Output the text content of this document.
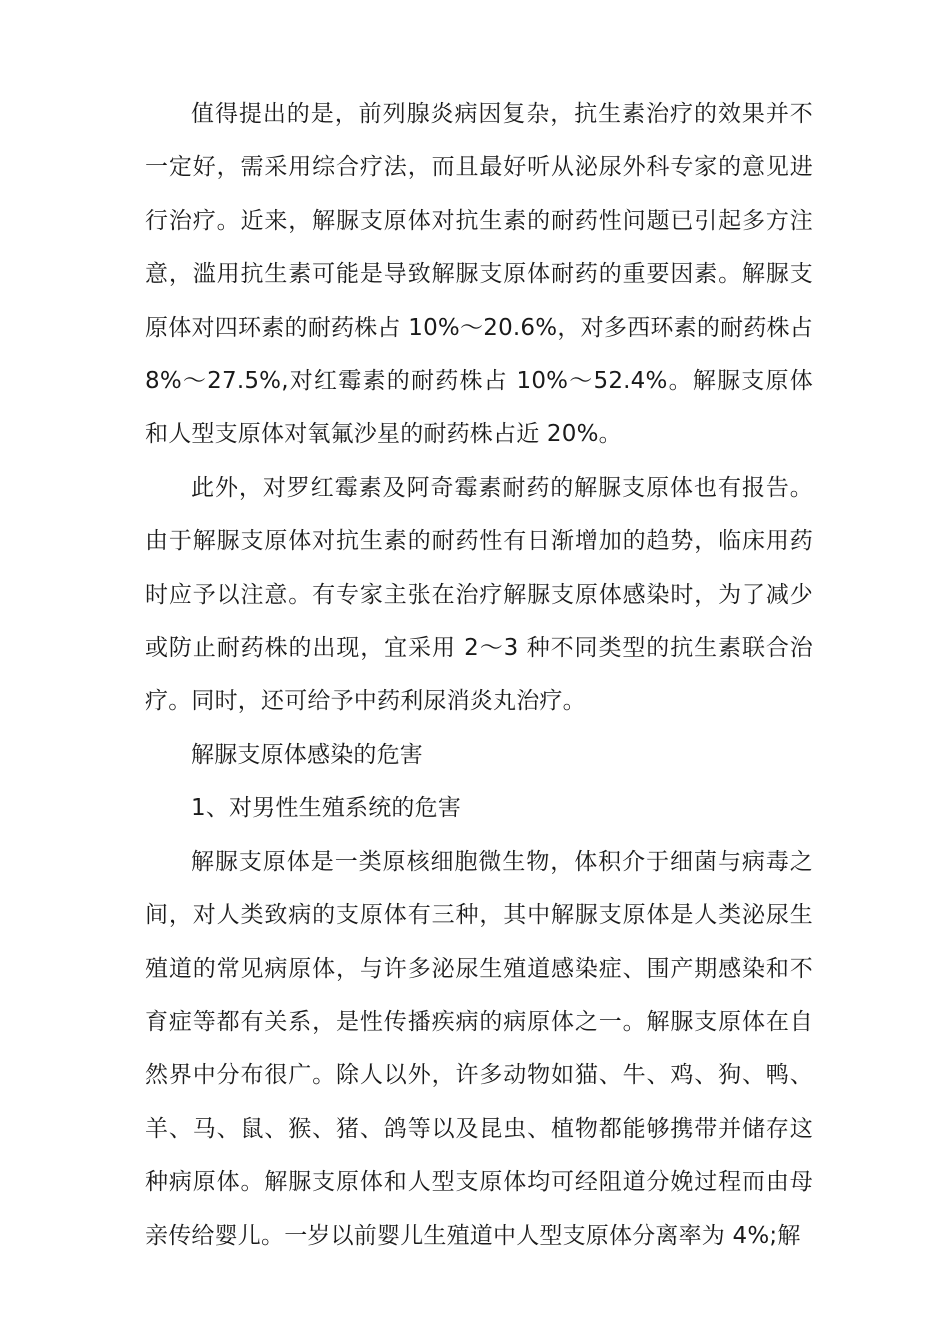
值得提出的是，前列腺炎病因复杂，抗生素治疗的效果并不一定好，需采用综合疗法，而且最好听从泌尿外科专家的意见进行治疗。近来，解脲支原体对抗生素的耐药性问题已引起多方注意，滥用抗生素可能是导致解脲支原体耐药的重要因素。解脲支原体对四环素的耐药株占 10%～20.6%，对多西环素的耐药株占 8%～27.5%,对红霉素的耐药株占 10%～52.4%。解脲支原体和人型支原体对氧氟沙星的耐药株占近 20%。

此外，对罗红霉素及阿奇霉素耐药的解脲支原体也有报告。由于解脲支原体对抗生素的耐药性有日渐增加的趋势，临床用药时应予以注意。有专家主张在治疗解脲支原体感染时，为了减少或防止耐药株的出现，宜采用 2～3 种不同类型的抗生素联合治疗。同时，还可给予中药利尿消炎丸治疗。

解脲支原体感染的危害

1、对男性生殖系统的危害

解脲支原体是一类原核细胞微生物，体积介于细菌与病毒之间，对人类致病的支原体有三种，其中解脲支原体是人类泌尿生殖道的常见病原体，与许多泌尿生殖道感染症、围产期感染和不育症等都有关系，是性传播疾病的病原体之一。解脲支原体在自然界中分布很广。除人以外，许多动物如猫、牛、鸡、狗、鸭、羊、马、鼠、猴、猪、鸽等以及昆虫、植物都能够携带并储存这种病原体。解脲支原体和人型支原体均可经阻道分娩过程而由母亲传给婴儿。一岁以前婴儿生殖道中人型支原体分离率为 4%;解
